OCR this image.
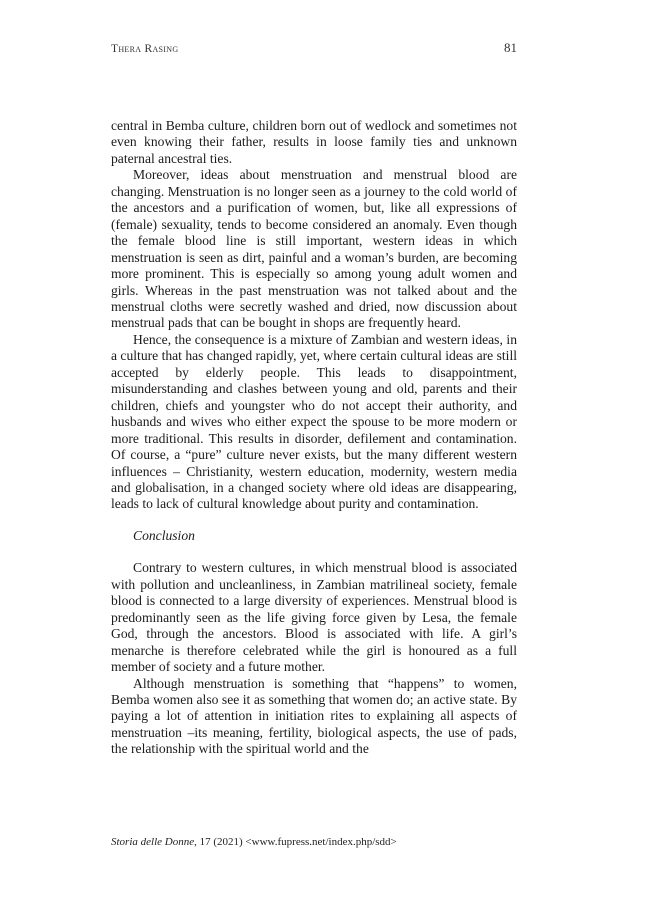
Thera Rasing	81

central in Bemba culture, children born out of wedlock and sometimes not even knowing their father, results in loose family ties and unknown paternal ancestral ties.

Moreover, ideas about menstruation and menstrual blood are changing. Menstruation is no longer seen as a journey to the cold world of the ancestors and a purification of women, but, like all expressions of (female) sexuality, tends to become considered an anomaly. Even though the female blood line is still important, western ideas in which menstruation is seen as dirt, painful and a woman’s burden, are becoming more prominent. This is especially so among young adult women and girls. Whereas in the past menstruation was not talked about and the menstrual cloths were secretly washed and dried, now discussion about menstrual pads that can be bought in shops are frequently heard.

Hence, the consequence is a mixture of Zambian and western ideas, in a culture that has changed rapidly, yet, where certain cultural ideas are still accepted by elderly people. This leads to disappointment, misunderstanding and clashes between young and old, parents and their children, chiefs and youngster who do not accept their authority, and husbands and wives who either expect the spouse to be more modern or more traditional. This results in disorder, defilement and contamination. Of course, a “pure” culture never exists, but the many different western influences – Christianity, western education, modernity, western media and globalisation, in a changed society where old ideas are disappearing, leads to lack of cultural knowledge about purity and contamination.

Conclusion

Contrary to western cultures, in which menstrual blood is associated with pollution and uncleanliness, in Zambian matrilineal society, female blood is connected to a large diversity of experiences. Menstrual blood is predominantly seen as the life giving force given by Lesa, the female God, through the ancestors. Blood is associated with life. A girl’s menarche is therefore celebrated while the girl is honoured as a full member of society and a future mother.

Although menstruation is something that “happens” to women, Bemba women also see it as something that women do; an active state. By paying a lot of attention in initiation rites to explaining all aspects of menstruation –its meaning, fertility, biological aspects, the use of pads, the relationship with the spiritual world and the

Storia delle Donne, 17 (2021) <www.fupress.net/index.php/sdd>
